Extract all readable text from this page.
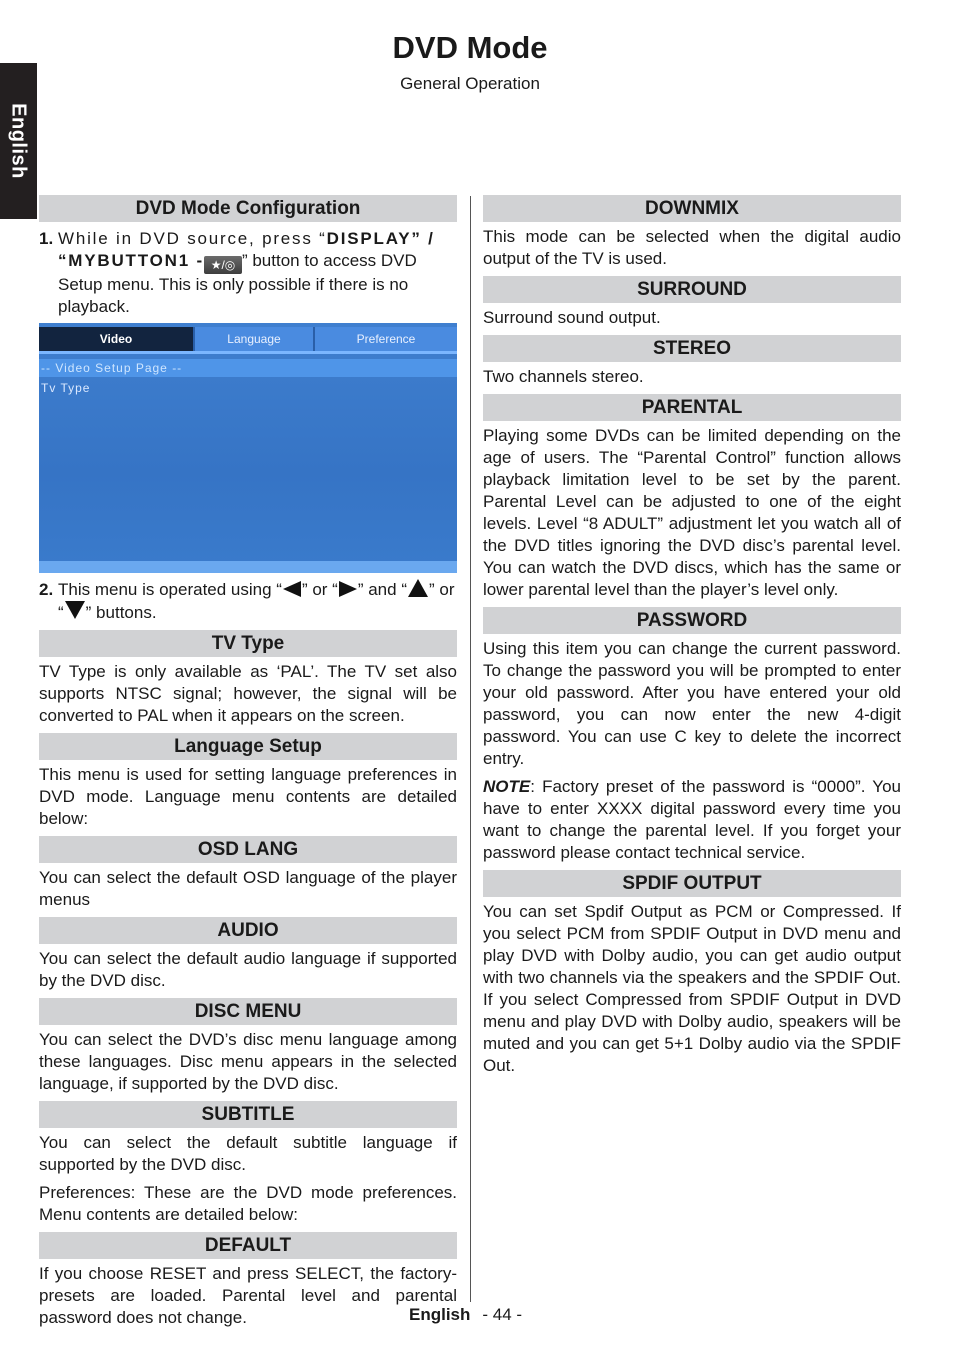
DVD Mode
General Operation
English
DVD Mode Configuration
1. While in DVD source, press “DISPLAY” / “MYBUTTON1 - ★/◎ ” button to access DVD Setup menu. This is only possible if there is no playback.
Video	Language	Preference
-- Video Setup Page --
Tv Type
2. This menu is operated using “ ” or “ ” and “ ” or “ ” buttons.
TV Type

TV Type is only available as ‘PAL’. The TV set also supports NTSC signal; however, the signal will be converted to PAL when it appears on the screen.

Language Setup

This menu is used for setting language preferences in DVD mode. Language menu contents are detailed below:

OSD LANG

You can select the default OSD language of the player menus

AUDIO

You can select the default audio language if supported by the DVD disc.

DISC MENU

You can select the DVD’s disc menu language among these languages. Disc menu appears in the selected language, if supported by the DVD disc.

SUBTITLE

You can select the default subtitle language if supported by the DVD disc.

Preferences: These are the DVD mode preferences. Menu contents are detailed below:

DEFAULT

If you choose RESET and press SELECT, the factory-presets are loaded. Parental level and parental password does not change.

DOWNMIX

This mode can be selected when the digital audio output of the TV is used.

SURROUND

Surround sound output.

STEREO

Two channels stereo.

PARENTAL

Playing some DVDs can be limited depending on the age of users. The “Parental Control” function allows playback limitation level to be set by the parent. Parental Level can be adjusted to one of the eight levels. Level “8 ADULT” adjustment let you watch all of the DVD titles ignoring the DVD disc’s parental level. You can watch the DVD discs, which has the same or lower parental level than the player’s level only.

PASSWORD

Using this item you can change the current password. To change the password you will be prompted to enter your old password. After you have entered your old password, you can now enter the new 4-digit password. You can use C key to delete the incorrect entry.

NOTE: Factory preset of the password is “0000”. You have to enter XXXX digital password every time you want to change the parental level. If you forget your password please contact technical service.

SPDIF OUTPUT

You can set Spdif Output as PCM or Compressed. If you select PCM from SPDIF Output in DVD menu and play DVD with Dolby audio, you can get audio output with two channels via the speakers and the SPDIF Out. If you select Compressed from SPDIF Output in DVD menu and play DVD with Dolby audio, speakers will be muted and you can get 5+1 Dolby audio via the SPDIF Out.

English - 44 -
